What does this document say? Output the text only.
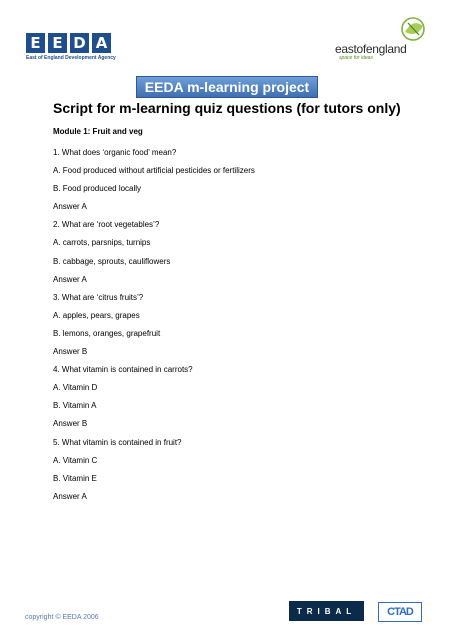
E E D A
East of England Development Agency
eastofengland
space for ideas
EEDA m-learning project
Script for m-learning quiz questions (for tutors only)
Module 1: Fruit and veg
1. What does ‘organic food’ mean?
A. Food produced without artificial pesticides or fertilizers
B. Food produced locally
Answer A
2. What are ‘root vegetables’?
A. carrots, parsnips, turnips
B. cabbage, sprouts, cauliflowers
Answer A
3. What are ‘citrus fruits’?
A. apples, pears, grapes
B. lemons, oranges, grapefruit
Answer B
4. What vitamin is contained in carrots?
A. Vitamin D
B. Vitamin A
Answer B
5. What vitamin is contained in fruit?
A. Vitamin C
B. Vitamin E
Answer A
copyright © EEDA 2006
TRIBAL	CTAD
